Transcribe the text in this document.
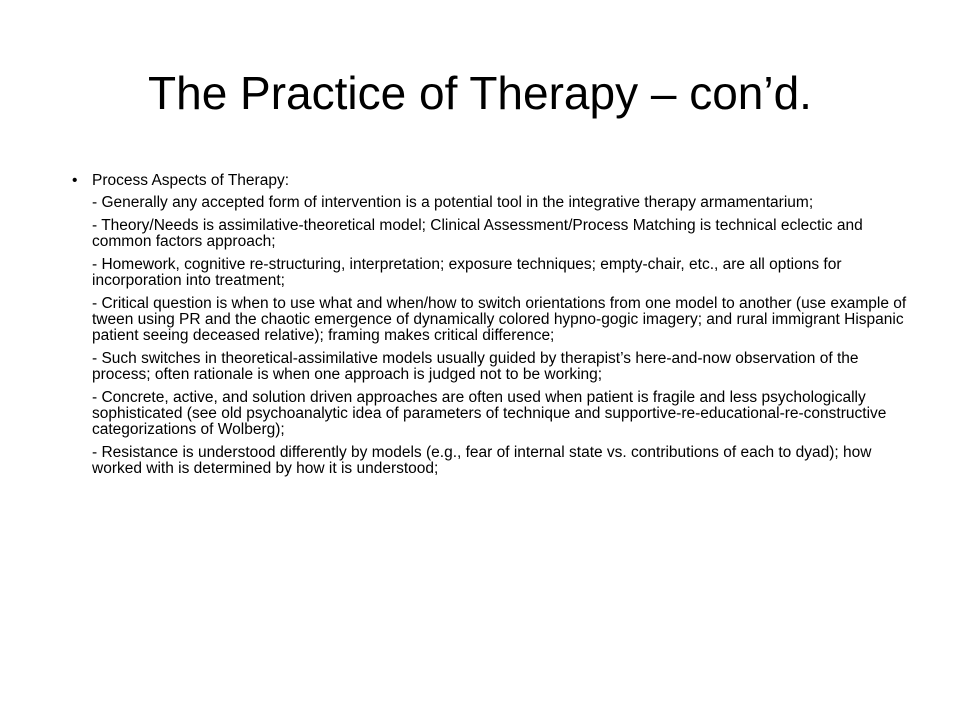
The Practice of Therapy – con’d.
• Process Aspects of Therapy:
- Generally any accepted form of intervention is a potential tool in the integrative therapy armamentarium;
- Theory/Needs is assimilative-theoretical model; Clinical Assessment/Process Matching is technical eclectic and common factors approach;
- Homework, cognitive re-structuring, interpretation; exposure techniques; empty-chair, etc., are all options for incorporation into treatment;
- Critical question is when to use what and when/how to switch orientations from one model to another (use example of tween using PR and the chaotic emergence of dynamically colored hypno-gogic imagery; and rural immigrant Hispanic patient seeing deceased relative); framing makes critical difference;
- Such switches in theoretical-assimilative models usually guided by therapist’s here-and-now observation of the process; often rationale is when one approach is judged not to be working;
- Concrete, active, and solution driven approaches are often used when patient is fragile and less psychologically sophisticated (see old psychoanalytic idea of parameters of technique and supportive-re-educational-re-constructive categorizations of Wolberg);
- Resistance is understood differently by models (e.g., fear of internal state vs. contributions of each to dyad); how worked with is determined by how it is understood;
